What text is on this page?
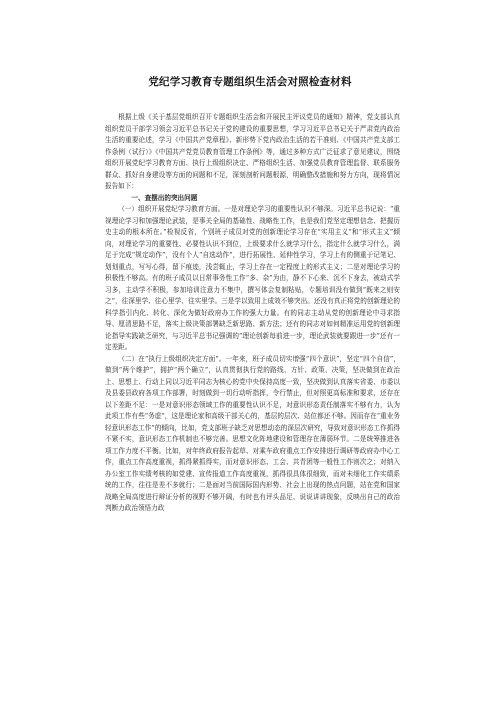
党纪学习教育专题组织生活会对照检查材料

根据上级《关于基层党组织召开专题组织生活会和开展民主评议党员的通知》精神，党支部认真组织党员干部学习领会习近平总书记关于党的建设的重要思想，学习习近平总书记关于严肃党内政治生活的重要论述，学习《中国共产党章程》、新形势下党内政治生活的若干准则、《中国共产党支部工作条例（试行）》《中国共产党党员教育管理工作条例》等，通过多种方式广泛征求了意见建议，围绕组织开展党纪学习教育方面、执行上级组织决定、严格组织生活、加强党员教育管理监督、联系服务群众、抓好自身建设等方面的问题和不足，深刻剖析问题根源，明确整改措施和努力方向，现将情况报告如下：

一、查摆出的突出问题

（一）组织开展党纪学习教育方面。一是对理论学习的重要性认识不够深。习近平总书记说：“重视理论学习和加强理论武装，是事关全局的基础性、战略性工作，也是我们党坚定理想信念、把握历史主动的根本所在。”检视反省，个别班子成员对党的创新理论学习存在“实用主义”和“形式主义”倾向，对理论学习的重要性、必要性认识不到位，上级要求什么就学习什么，指定什么就学习什么，满足于完成“规定动作”，没有个人“自选动作”，进行拓展性、延伸性学习，学习上有的侧重于记笔记、划划重点，写写心得，留下痕迹，浅尝辄止，学习上存在一定程度上的形式主义；二是对理论学习的积极性不够高。有的班子成员以日常事务性工作“多、杂”为由，静不下心来、沉不下身去，被动式学习多，主动学不积极，参加培训注意力不集中，撰写体会复制粘贴，专题培训没有做到“既来之则安之”，往深里学、往心里学、往实里学。三是学以致用上成效不够突出。还没有真正将党的创新理论的科学指引内化、转化、深化为做好政府办工作的强大力量。有的同志主动从党的创新理论中寻求指导、厘清思路不足，落实上级决策部署缺乏新思路、新方法；还有的同志对如何精准运用党的创新理论指导实践缺乏研究，与习近平总书记强调的“理论创新每前进一步，理论武装就要跟进一步”还有一定差距。

（二）在“执行上级组织决定方面”。一年来，班子成员切实增强“四个意识”，坚定“四个自信”，做到“两个维护”，拥护“两个确立”，认真贯彻执行党的路线、方针、政策、决策，坚决做到在政治上、思想上、行动上同以习近平同志为核心的党中央保持高度一致，坚决做到认真落实省委、市委以及县委县政府各项工作部署，时刻做到一切行动听指挥，令行禁止，但对照更高标准和要求，还存在以下差距不足：一是对意识形态领域工作的重要性认识不足，对意识形态责任制落实不够有力，认为此项工作有些“务虚”，这是理论家和高级干部关心的，基层的层次、站位都还不够。因而存在“重业务轻意识形态工作”的倾向，比如，党支部班子缺乏对思想动态的深层次研究，导致对意识形态工作抓得不紧不实，意识形态工作机制也不够完善。思想文化阵地建设和管理存在薄弱环节。二是统筹推进各项工作力度不平衡。比如，对年终政府报告起草、对乘车政府重点工作安排进行调研等政府办中心工作，重点工作高度重视，抓得紧抓得实，而对意识形态、工会、共青团等一般性工作则次之；对纳入办公室工作实绩考核的如党建、宣传报道工作高度重视，抓得很具体很细致，而对未细化工作实绩系统的工作，往往是差不多就行；二是面对当前国际国内形势、社会上出现的热点问题，站在党和国家战略全局高度进行辩证分析的视野不够开阔，有时也有评头品足、说说讲讲现象，反映出自己的政治判断力政治领悟力政
